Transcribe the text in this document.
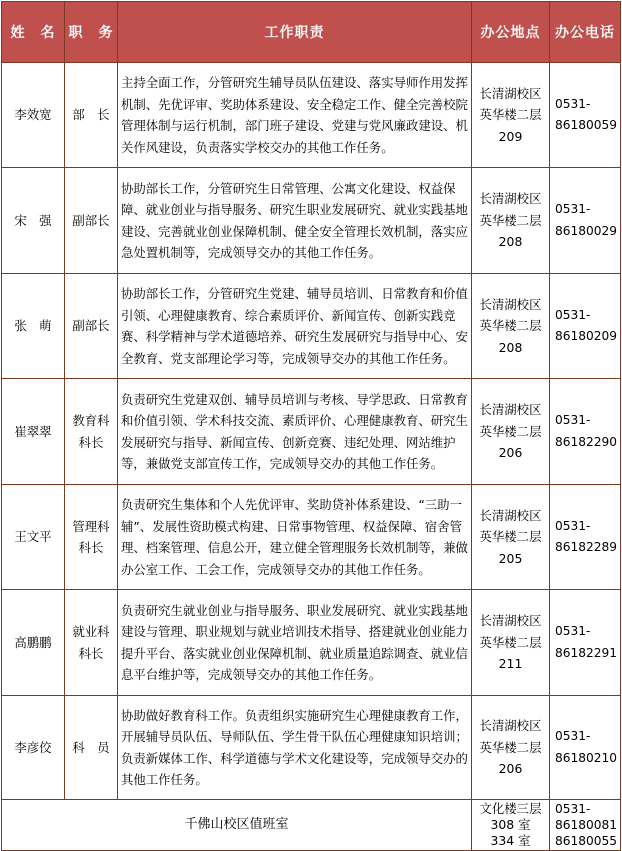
姓　名	职　务	工作职责	办公地点	办公电话
李效宽	部　长	主持全面工作，分管研究生辅导员队伍建设、落实导师作用发挥机制、先优评审、奖助体系建设、安全稳定工作、健全完善校院管理体制与运行机制，部门班子建设、党建与党风廉政建设、机关作风建设，负责落实学校交办的其他工作任务。	长清湖校区
英华楼二层
209	0531-
86180059

宋　强	副部长	协助部长工作，分管研究生日常管理、公寓文化建设、权益保障、就业创业与指导服务、研究生职业发展研究、就业实践基地建设、完善就业创业保障机制、健全安全管理长效机制，落实应急处置机制等，完成领导交办的其他工作任务。	长清湖校区
英华楼二层
208	0531-
86180029

张　萌	副部长	协助部长工作，分管研究生党建、辅导员培训、日常教育和价值引领、心理健康教育、综合素质评价、新闻宣传、创新实践竞赛、科学精神与学术道德培养、研究生发展研究与指导中心、安全教育、党支部理论学习等，完成领导交办的其他工作任务。	长清湖校区
英华楼二层
208	0531-
86180209

崔翠翠	教育科
科长	负责研究生党建双创、辅导员培训与考核、导学思政、日常教育和价值引领、学术科技交流、素质评价、心理健康教育、研究生发展研究与指导、新闻宣传、创新竞赛、违纪处理、网站维护等，兼做党支部宣传工作，完成领导交办的其他工作任务。	长清湖校区
英华楼二层
206	0531-
86182290

王文平	管理科
科长	负责研究生集体和个人先优评审、奖助贷补体系建设、“三助一辅”、发展性资助模式构建、日常事物管理、权益保障、宿舍管理、档案管理、信息公开，建立健全管理服务长效机制等，兼做办公室工作、工会工作，完成领导交办的其他工作任务。	长清湖校区
英华楼二层
205	0531-
86182289

高鹏鹏	就业科
科长	负责研究生就业创业与指导服务、职业发展研究、就业实践基地建设与管理、职业规划与就业培训技术指导、搭建就业创业能力提升平台、落实就业创业保障机制、就业质量追踪调查、就业信息平台维护等，完成领导交办的其他工作任务。	长清湖校区
英华楼二层
211	0531-
86182291

李彦佼	科　员	协助做好教育科工作。负责组织实施研究生心理健康教育工作，开展辅导员队伍、导师队伍、学生骨干队伍心理健康知识培训；负责新媒体工作、科学道德与学术文化建设等，完成领导交办的其他工作任务。	长清湖校区
英华楼二层
206	0531-
86180210

千佛山校区值班室			文化楼三层
308 室
334 室	0531-
86180081
86180055
